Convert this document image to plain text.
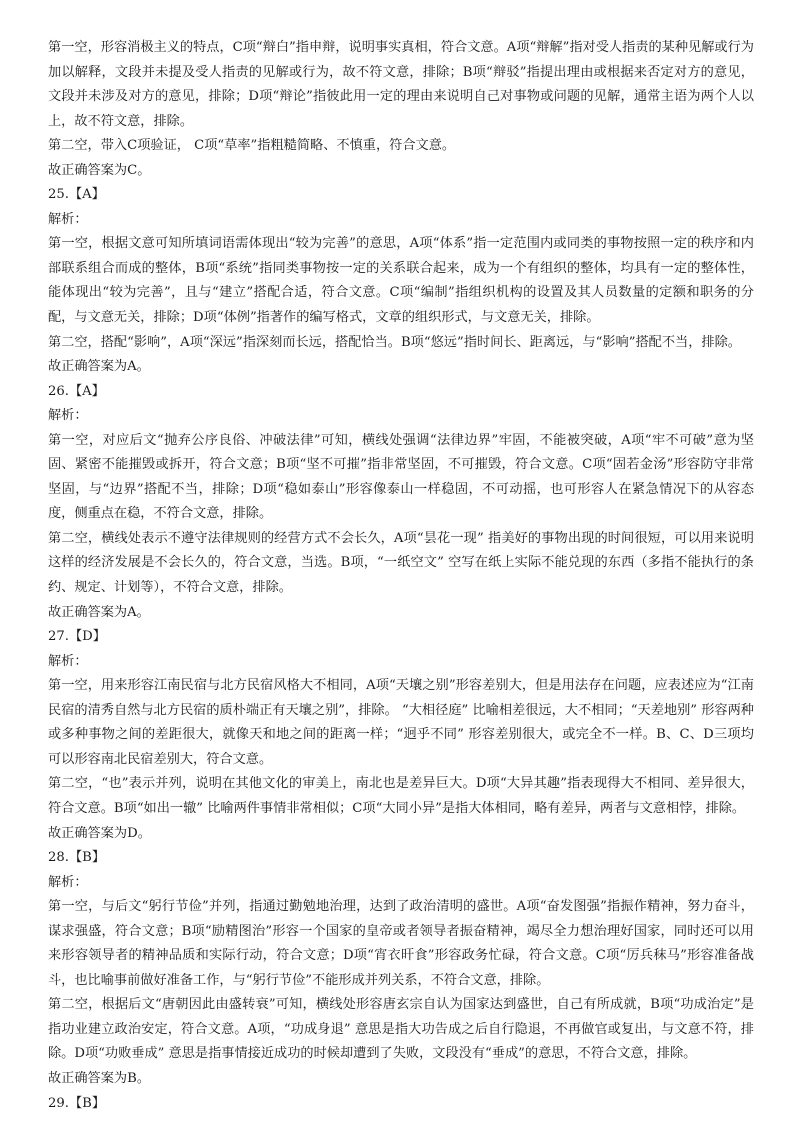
第一空，形容消极主义的特点，C项“辩白”指申辩，说明事实真相，符合文意。A项“辩解”指对受人指责的某种见解或行为加以解释，文段并未提及受人指责的见解或行为，故不符文意，排除；B项“辩驳”指提出理由或根据来否定对方的意见，文段并未涉及对方的意见，排除；D项“辩论”指彼此用一定的理由来说明自己对事物或问题的见解，通常主语为两个人以上，故不符文意，排除。
第二空，带入C项验证， C项“草率”指粗糙简略、不慎重，符合文意。
故正确答案为C。
25.【A】
解析：
第一空，根据文意可知所填词语需体现出“较为完善”的意思，A项“体系”指一定范围内或同类的事物按照一定的秩序和内部联系组合而成的整体，B项“系统”指同类事物按一定的关系联合起来，成为一个有组织的整体，均具有一定的整体性，能体现出“较为完善”，且与“建立”搭配合适，符合文意。C项“编制”指组织机构的设置及其人员数量的定额和职务的分配，与文意无关，排除；D项“体例”指著作的编写格式，文章的组织形式，与文意无关，排除。
第二空，搭配“影响”，A项“深远”指深刻而长远，搭配恰当。B项“悠远”指时间长、距离远，与“影响”搭配不当，排除。
故正确答案为A。
26.【A】
解析：
第一空，对应后文“抛弃公序良俗、冲破法律”可知，横线处强调“法律边界”牢固，不能被突破，A项“牢不可破”意为坚固、紧密不能摧毁或拆开，符合文意；B项“坚不可摧”指非常坚固，不可摧毁，符合文意。C项“固若金汤”形容防守非常坚固，与“边界”搭配不当，排除；D项“稳如泰山”形容像泰山一样稳固，不可动摇，也可形容人在紧急情况下的从容态度，侧重点在稳，不符合文意，排除。
第二空，横线处表示不遵守法律规则的经营方式不会长久，A项“昙花一现” 指美好的事物出现的时间很短，可以用来说明这样的经济发展是不会长久的，符合文意，当选。B项，“一纸空文” 空写在纸上实际不能兑现的东西（多指不能执行的条约、规定、计划等），不符合文意，排除。
故正确答案为A。
27.【D】
解析：
第一空，用来形容江南民宿与北方民宿风格大不相同，A项“天壤之别”形容差别大，但是用法存在问题，应表述应为“江南民宿的清秀自然与北方民宿的质朴端正有天壤之别”，排除。 “大相径庭” 比喻相差很远，大不相同；“天差地别” 形容两种或多种事物之间的差距很大，就像天和地之间的距离一样；“迥乎不同” 形容差别很大，或完全不一样。B、C、D三项均可以形容南北民宿差别大，符合文意。
第二空，“也”表示并列，说明在其他文化的审美上，南北也是差异巨大。D项“大异其趣”指表现得大不相同、差异很大，符合文意。B项“如出一辙” 比喻两件事情非常相似；C项“大同小异”是指大体相同，略有差异，两者与文意相悖，排除。
故正确答案为D。
28.【B】
解析：
第一空，与后文“躬行节俭”并列，指通过勤勉地治理，达到了政治清明的盛世。A项“奋发图强”指振作精神，努力奋斗，谋求强盛，符合文意；B项“励精图治”形容一个国家的皇帝或者领导者振奋精神，竭尽全力想治理好国家，同时还可以用来形容领导者的精神品质和实际行动，符合文意；D项“宵衣旰食”形容政务忙碌，符合文意。C项“厉兵秣马”形容准备战斗，也比喻事前做好准备工作，与“躬行节俭”不能形成并列关系，不符合文意，排除。
第二空，根据后文“唐朝因此由盛转衰”可知，横线处形容唐玄宗自认为国家达到盛世，自己有所成就，B项“功成治定”是指功业建立政治安定，符合文意。A项，“功成身退” 意思是指大功告成之后自行隐退，不再做官或复出，与文意不符，排除。D项“功败垂成” 意思是指事情接近成功的时候却遭到了失败，文段没有“垂成”的意思，不符合文意，排除。
故正确答案为B。
29.【B】
